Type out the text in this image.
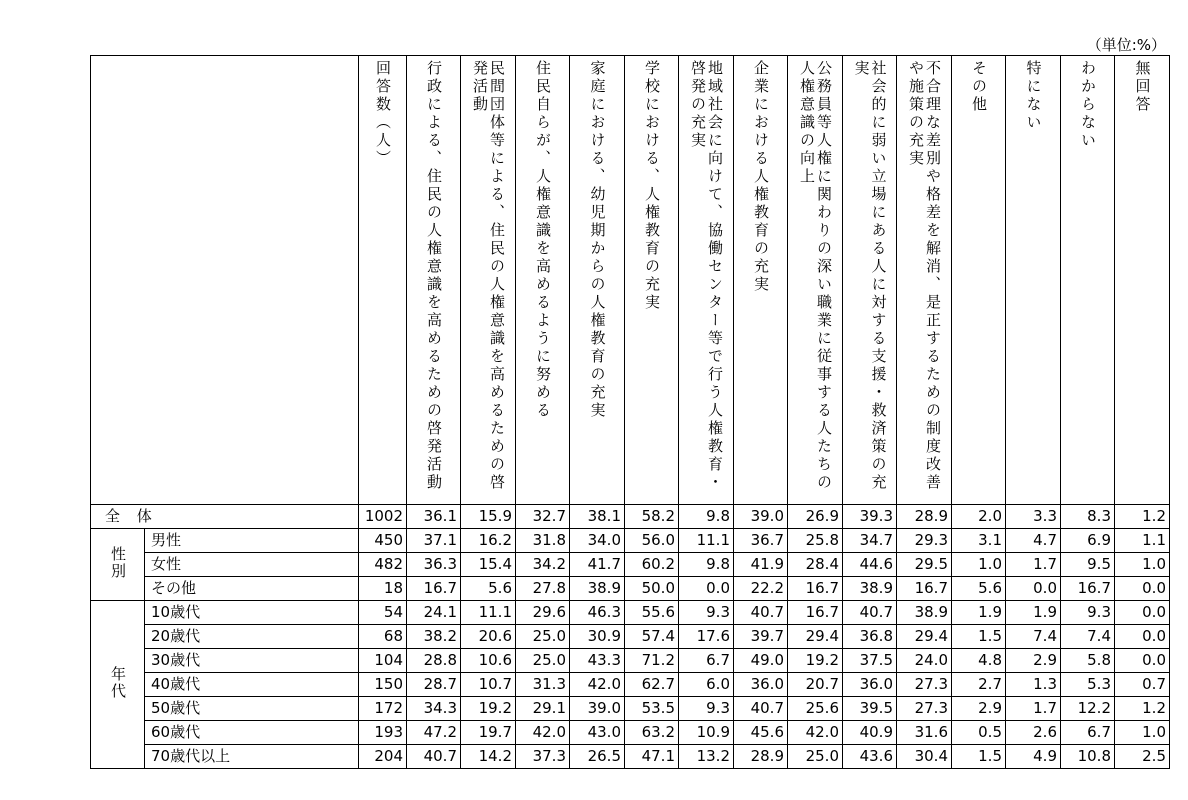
（単位:%）

		回答数（人）	行政による、住民の人権意識を高めるための啓発活動	民間団体等による、住民の人権意識を高めるための啓発活動	住民自らが、人権意識を高めるように努める	家庭における、幼児期からの人権教育の充実	学校における、人権教育の充実	地域社会に向けて、協働センター等で行う人権教育・啓発の充実	企業における人権教育の充実	公務員等人権に関わりの深い職業に従事する人たちの人権意識の向上	社会的に弱い立場にある人に対する支援・救済策の充実	不合理な差別や格差を解消、是正するための制度改善や施策の充実	その他	特にない	わからない	無回答

全 体		1002	36.1	15.9	32.7	38.1	58.2	9.8	39.0	26.9	39.3	28.9	2.0	3.3	8.3	1.2
性別	男性	450	37.1	16.2	31.8	34.0	56.0	11.1	36.7	25.8	34.7	29.3	3.1	4.7	6.9	1.1
	女性	482	36.3	15.4	34.2	41.7	60.2	9.8	41.9	28.4	44.6	29.5	1.0	1.7	9.5	1.0
	その他	18	16.7	5.6	27.8	38.9	50.0	0.0	22.2	16.7	38.9	16.7	5.6	0.0	16.7	0.0
年代	10歳代	54	24.1	11.1	29.6	46.3	55.6	9.3	40.7	16.7	40.7	38.9	1.9	1.9	9.3	0.0
	20歳代	68	38.2	20.6	25.0	30.9	57.4	17.6	39.7	29.4	36.8	29.4	1.5	7.4	7.4	0.0
	30歳代	104	28.8	10.6	25.0	43.3	71.2	6.7	49.0	19.2	37.5	24.0	4.8	2.9	5.8	0.0
	40歳代	150	28.7	10.7	31.3	42.0	62.7	6.0	36.0	20.7	36.0	27.3	2.7	1.3	5.3	0.7
	50歳代	172	34.3	19.2	29.1	39.0	53.5	9.3	40.7	25.6	39.5	27.3	2.9	1.7	12.2	1.2
	60歳代	193	47.2	19.7	42.0	43.0	63.2	10.9	45.6	42.0	40.9	31.6	0.5	2.6	6.7	1.0
	70歳代以上	204	40.7	14.2	37.3	26.5	47.1	13.2	28.9	25.0	43.6	30.4	1.5	4.9	10.8	2.5
